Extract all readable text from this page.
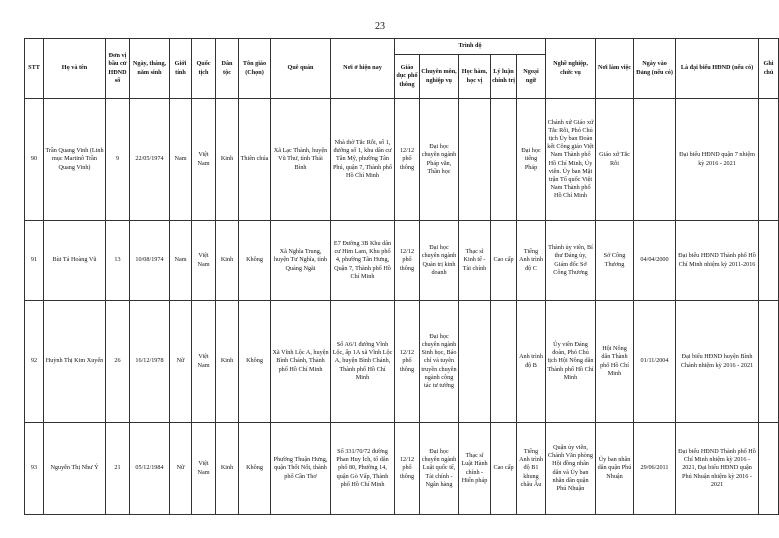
23
STT	Họ và tên	Đơn vị bầu cử HĐND số	Ngày, tháng, năm sinh	Giới tính	Quốc tịch	Dân tộc	Tôn giáo (Chọn)	Quê quán	Nơi ở hiện nay	Trình độ					Nghề nghiệp, chức vụ	Nơi làm việc	Ngày vào Đảng (nếu có)	Là đại biểu HĐND (nếu có)	Ghi chú
										Giáo dục phổ thông	Chuyên môn, nghiệp vụ	Học hàm, học vị	Lý luận chính trị	Ngoại ngữ					
90	Trần Quang Vinh (Linh mục Martinô Trần Quang Vinh)	9	22/05/1974	Nam	Việt Nam	Kinh	Thiên chúa	Xã Lạc Thành, huyện Vũ Thư, tỉnh Thái Bình	Nhà thờ Tắc Rỗi, số 1, đường số 1, khu dân cư Tân Mỹ, phường Tân Phú, quận 7, Thành phố Hồ Chí Minh	12/12 phổ thông	Đại học chuyên ngành Pháp văn, Thần học			Đại học tiếng Pháp	Chánh xứ Giáo xứ Tắc Rỗi, Phó Chủ tịch Ủy ban Đoàn kết Công giáo Việt Nam Thành phố Hồ Chí Minh, Ủy viên. Ủy ban Mặt trận Tổ quốc Việt Nam Thành phố Hồ Chí Minh	Giáo xứ Tắc Rỗi		Đại biểu HĐND quận 7 nhiệm kỳ 2016 - 2021	
91	Bùi Tá Hoàng Vũ	13	10/08/1974	Nam	Việt Nam	Kinh	Không	Xã Nghĩa Trung, huyện Tư Nghĩa, tỉnh Quảng Ngãi	E7 Đường 3B Khu dân cư Him Lam, Khu phố 4, phường Tân Hưng, Quận 7, Thành phố Hồ Chí Minh	12/12 phổ thông	Đại học chuyên ngành Quản trị kinh doanh	Thạc sĩ Kinh tế - Tài chính	Cao cấp	Tiếng Anh trình độ C	Thành ủy viên, Bí thư Đảng ủy, Giám đốc Sở Công Thương	Sở Công Thương	04/04/2000	Đại biểu HĐND Thành phố Hồ Chí Minh nhiệm kỳ 2011-2016	
92	Huỳnh Thị Kim Xuyến	26	16/12/1978	Nữ	Việt Nam	Kinh	Không	Xã Vĩnh Lộc A, huyện Bình Chánh, Thành phố Hồ Chí Minh	Số A6/1 đường Vĩnh Lộc, ấp 1A xã Vĩnh Lộc A, huyện Bình Chánh, Thành phố Hồ Chí Minh	12/12 phổ thông	Đại học chuyên ngành Sinh học, Báo chí và tuyên truyền chuyên ngành công tác tư tưởng			Anh trình độ B	Ủy viên Đảng đoàn, Phó Chủ tịch Hội Nông dân Thành phố Hồ Chí Minh	Hội Nông dân Thành phố Hồ Chí Minh	01/11/2004	Đại biểu HĐND huyện Bình Chánh nhiệm kỳ 2016 - 2021	
93	Nguyễn Thị Như Ý	21	05/12/1984	Nữ	Việt Nam	Kinh	Không	Phường Thuận Hưng, quận Thốt Nốt, thành phố Cần Thơ	Số 331/70/72 đường Phan Huy Ích, tổ dân phố 80, Phường 14, quận Gò Vấp, Thành phố Hồ Chí Minh	12/12 phổ thông	Đại học chuyên ngành Luật quốc tế, Tài chính - Ngân hàng	Thạc sĩ Luật Hành chính - Hiến pháp	Cao cấp	Tiếng Anh trình độ B1 khung châu Âu	Quận ủy viên, Chánh Văn phòng Hội đồng nhân dân và Ủy ban nhân dân quận Phú Nhuận	Ủy ban nhân dân quận Phú Nhuận	29/06/2011	Đại biểu HĐND Thành phố Hồ Chí Minh nhiệm kỳ 2016 - 2021, Đại biểu HĐND quận Phú Nhuận nhiệm kỳ 2016 - 2021	
